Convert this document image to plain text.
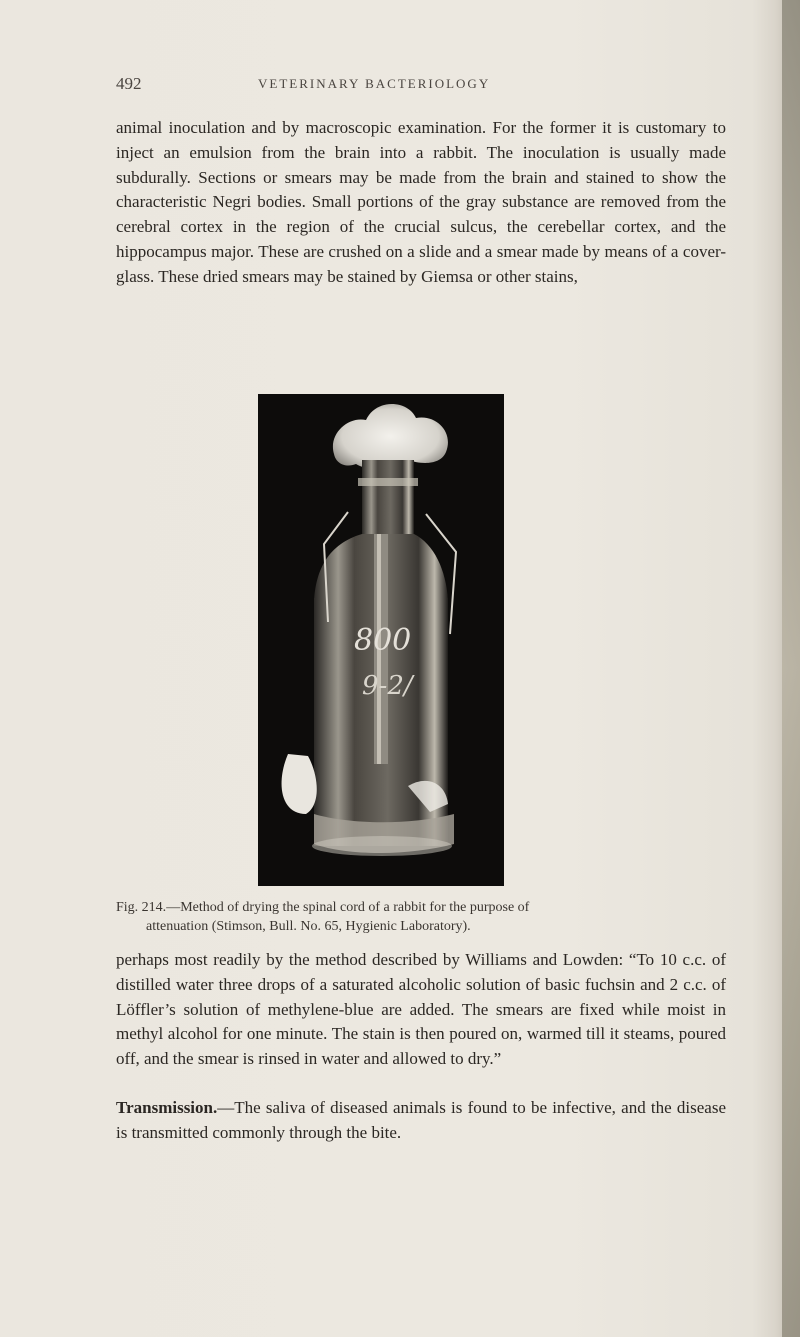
492	VETERINARY BACTERIOLOGY

animal inoculation and by macroscopic examination. For the former it is customary to inject an emulsion from the brain into a rabbit. The inoculation is usually made subdurally. Sections or smears may be made from the brain and stained to show the characteristic Negri bodies. Small portions of the gray substance are removed from the cerebral cortex in the region of the crucial sulcus, the cerebellar cortex, and the hippocampus major. These are crushed on a slide and a smear made by means of a cover-glass. These dried smears may be stained by Giemsa or other stains,

800
9-2/
Fig. 214.—Method of drying the spinal cord of a rabbit for the purpose of
attenuation (Stimson, Bull. No. 65, Hygienic Laboratory).

perhaps most readily by the method described by Williams and Lowden: “To 10 c.c. of distilled water three drops of a saturated alcoholic solution of basic fuchsin and 2 c.c. of Löffler’s solution of methylene-blue are added. The smears are fixed while moist in methyl alcohol for one minute. The stain is then poured on, warmed till it steams, poured off, and the smear is rinsed in water and allowed to dry.”

Transmission.—The saliva of diseased animals is found to be infective, and the disease is transmitted commonly through the bite.
